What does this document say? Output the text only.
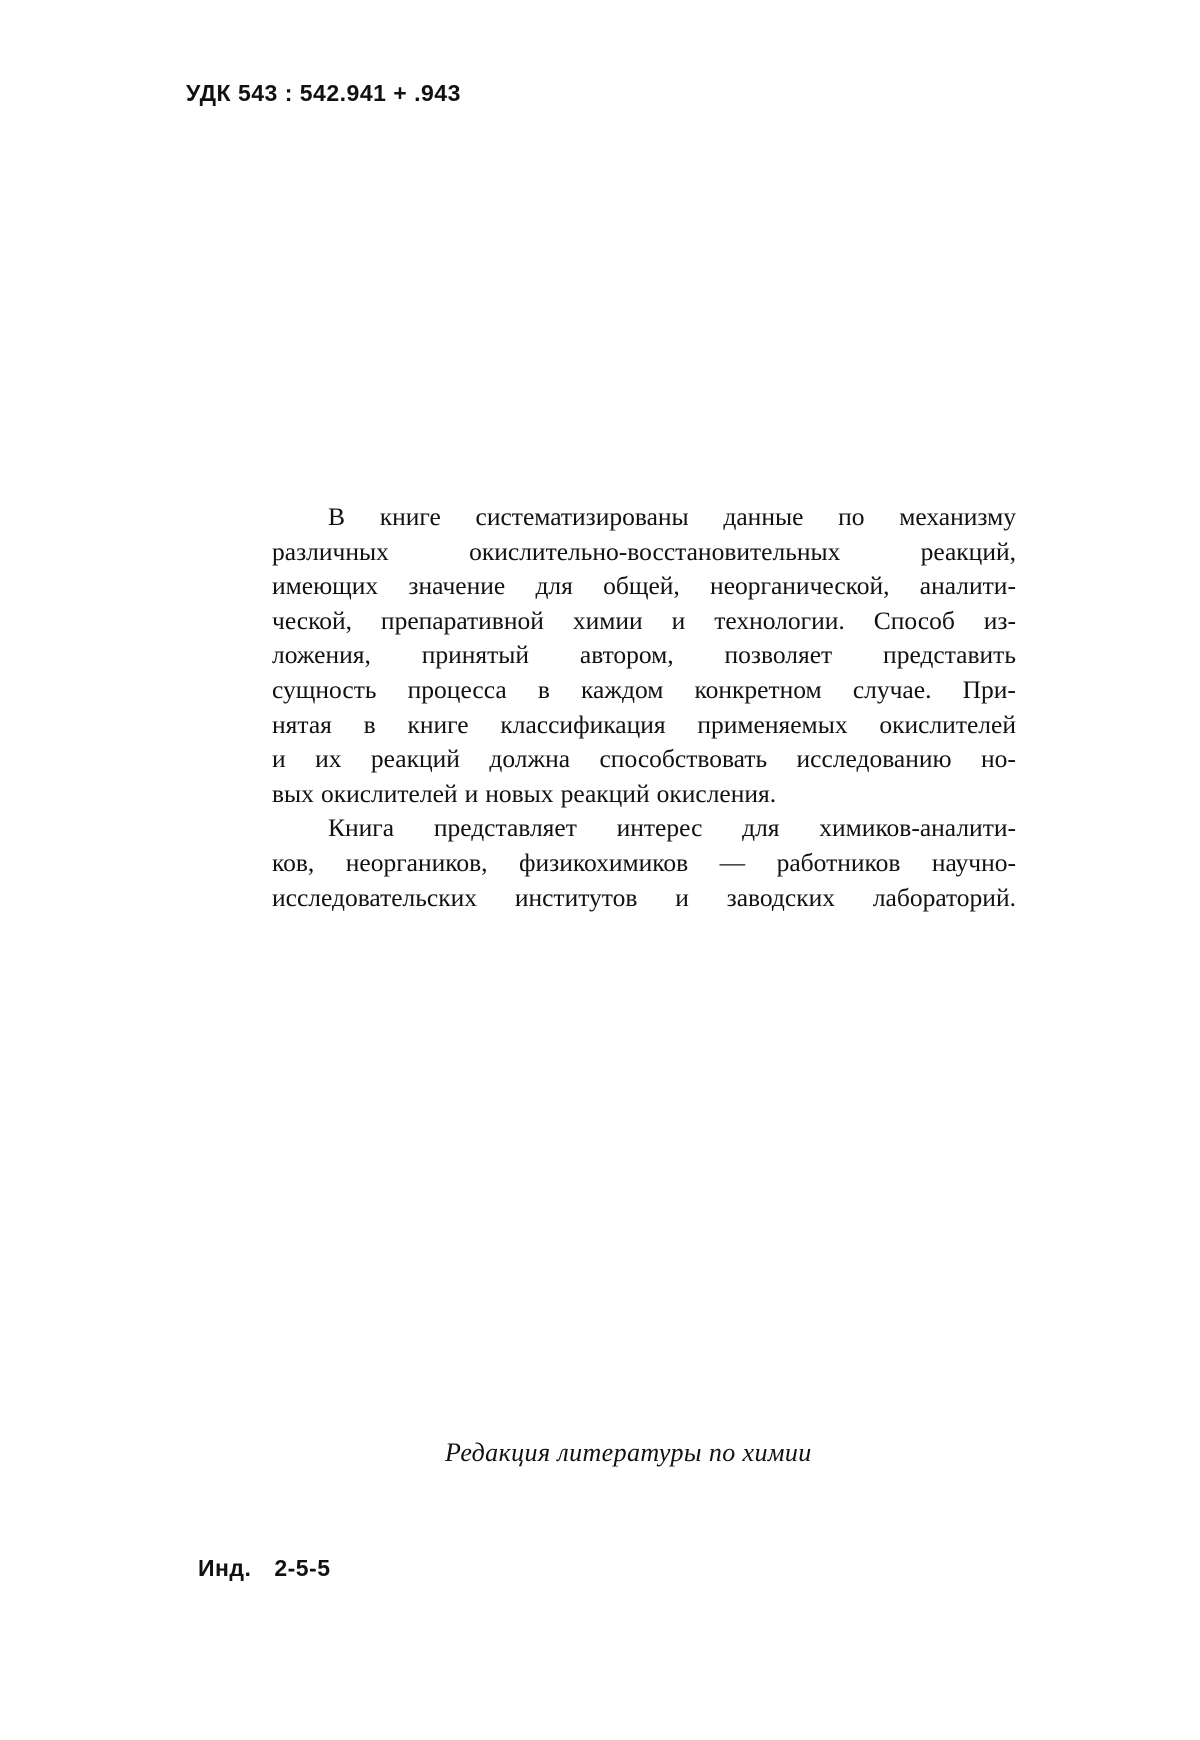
УДК 543 : 542.941 + .943
В книге систематизированы данные по механизму
различных	окислительно-восстановительных	реакций,
имеющих значение для общей, неорганической, аналити-
ческой, препаративной химии и технологии. Способ из-
ложения, принятый автором, позволяет представить
сущность процесса в каждом конкретном случае. При-
нятая в книге классификация применяемых окислителей
и их реакций должна способствовать исследованию но-
вых окислителей и новых реакций окисления.
Книга представляет интерес для химиков-аналити-
ков, неоргаников, физикохимиков — работников научно-
исследовательских институтов и заводских лабораторий.
Редакция литературы по химии
Инд. 2-5-5
